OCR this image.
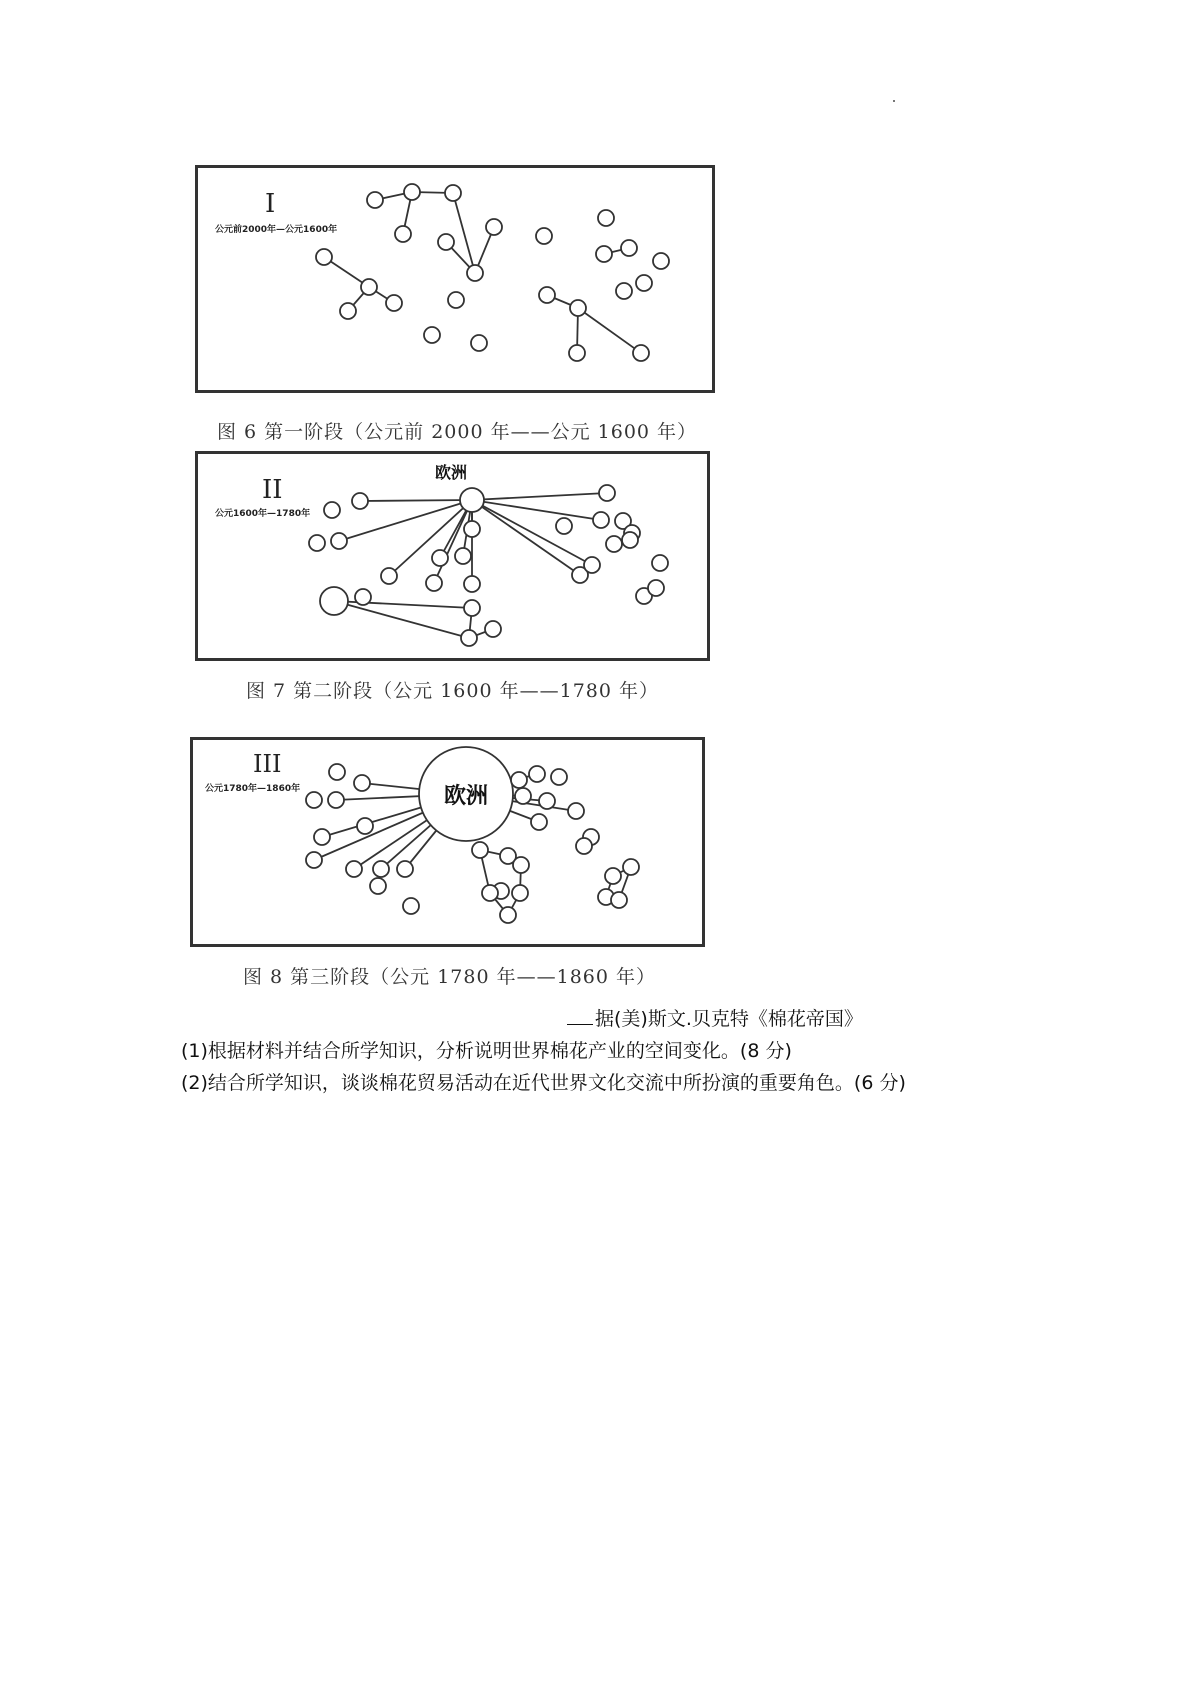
I
公元前2000年—公元1600年
图 6 第一阶段（公元前 2000 年——公元 1600 年）
II
公元1600年—1780年
欧洲
图 7 第二阶段（公元 1600 年——1780 年）
III
公元1780年—1860年	欧洲
图 8 第三阶段（公元 1780 年——1860 年）
据(美)斯文.贝克特《棉花帝国》
(1)根据材料并结合所学知识，分析说明世界棉花产业的空间变化。(8 分)
(2)结合所学知识，谈谈棉花贸易活动在近代世界文化交流中所扮演的重要角色。(6 分)
